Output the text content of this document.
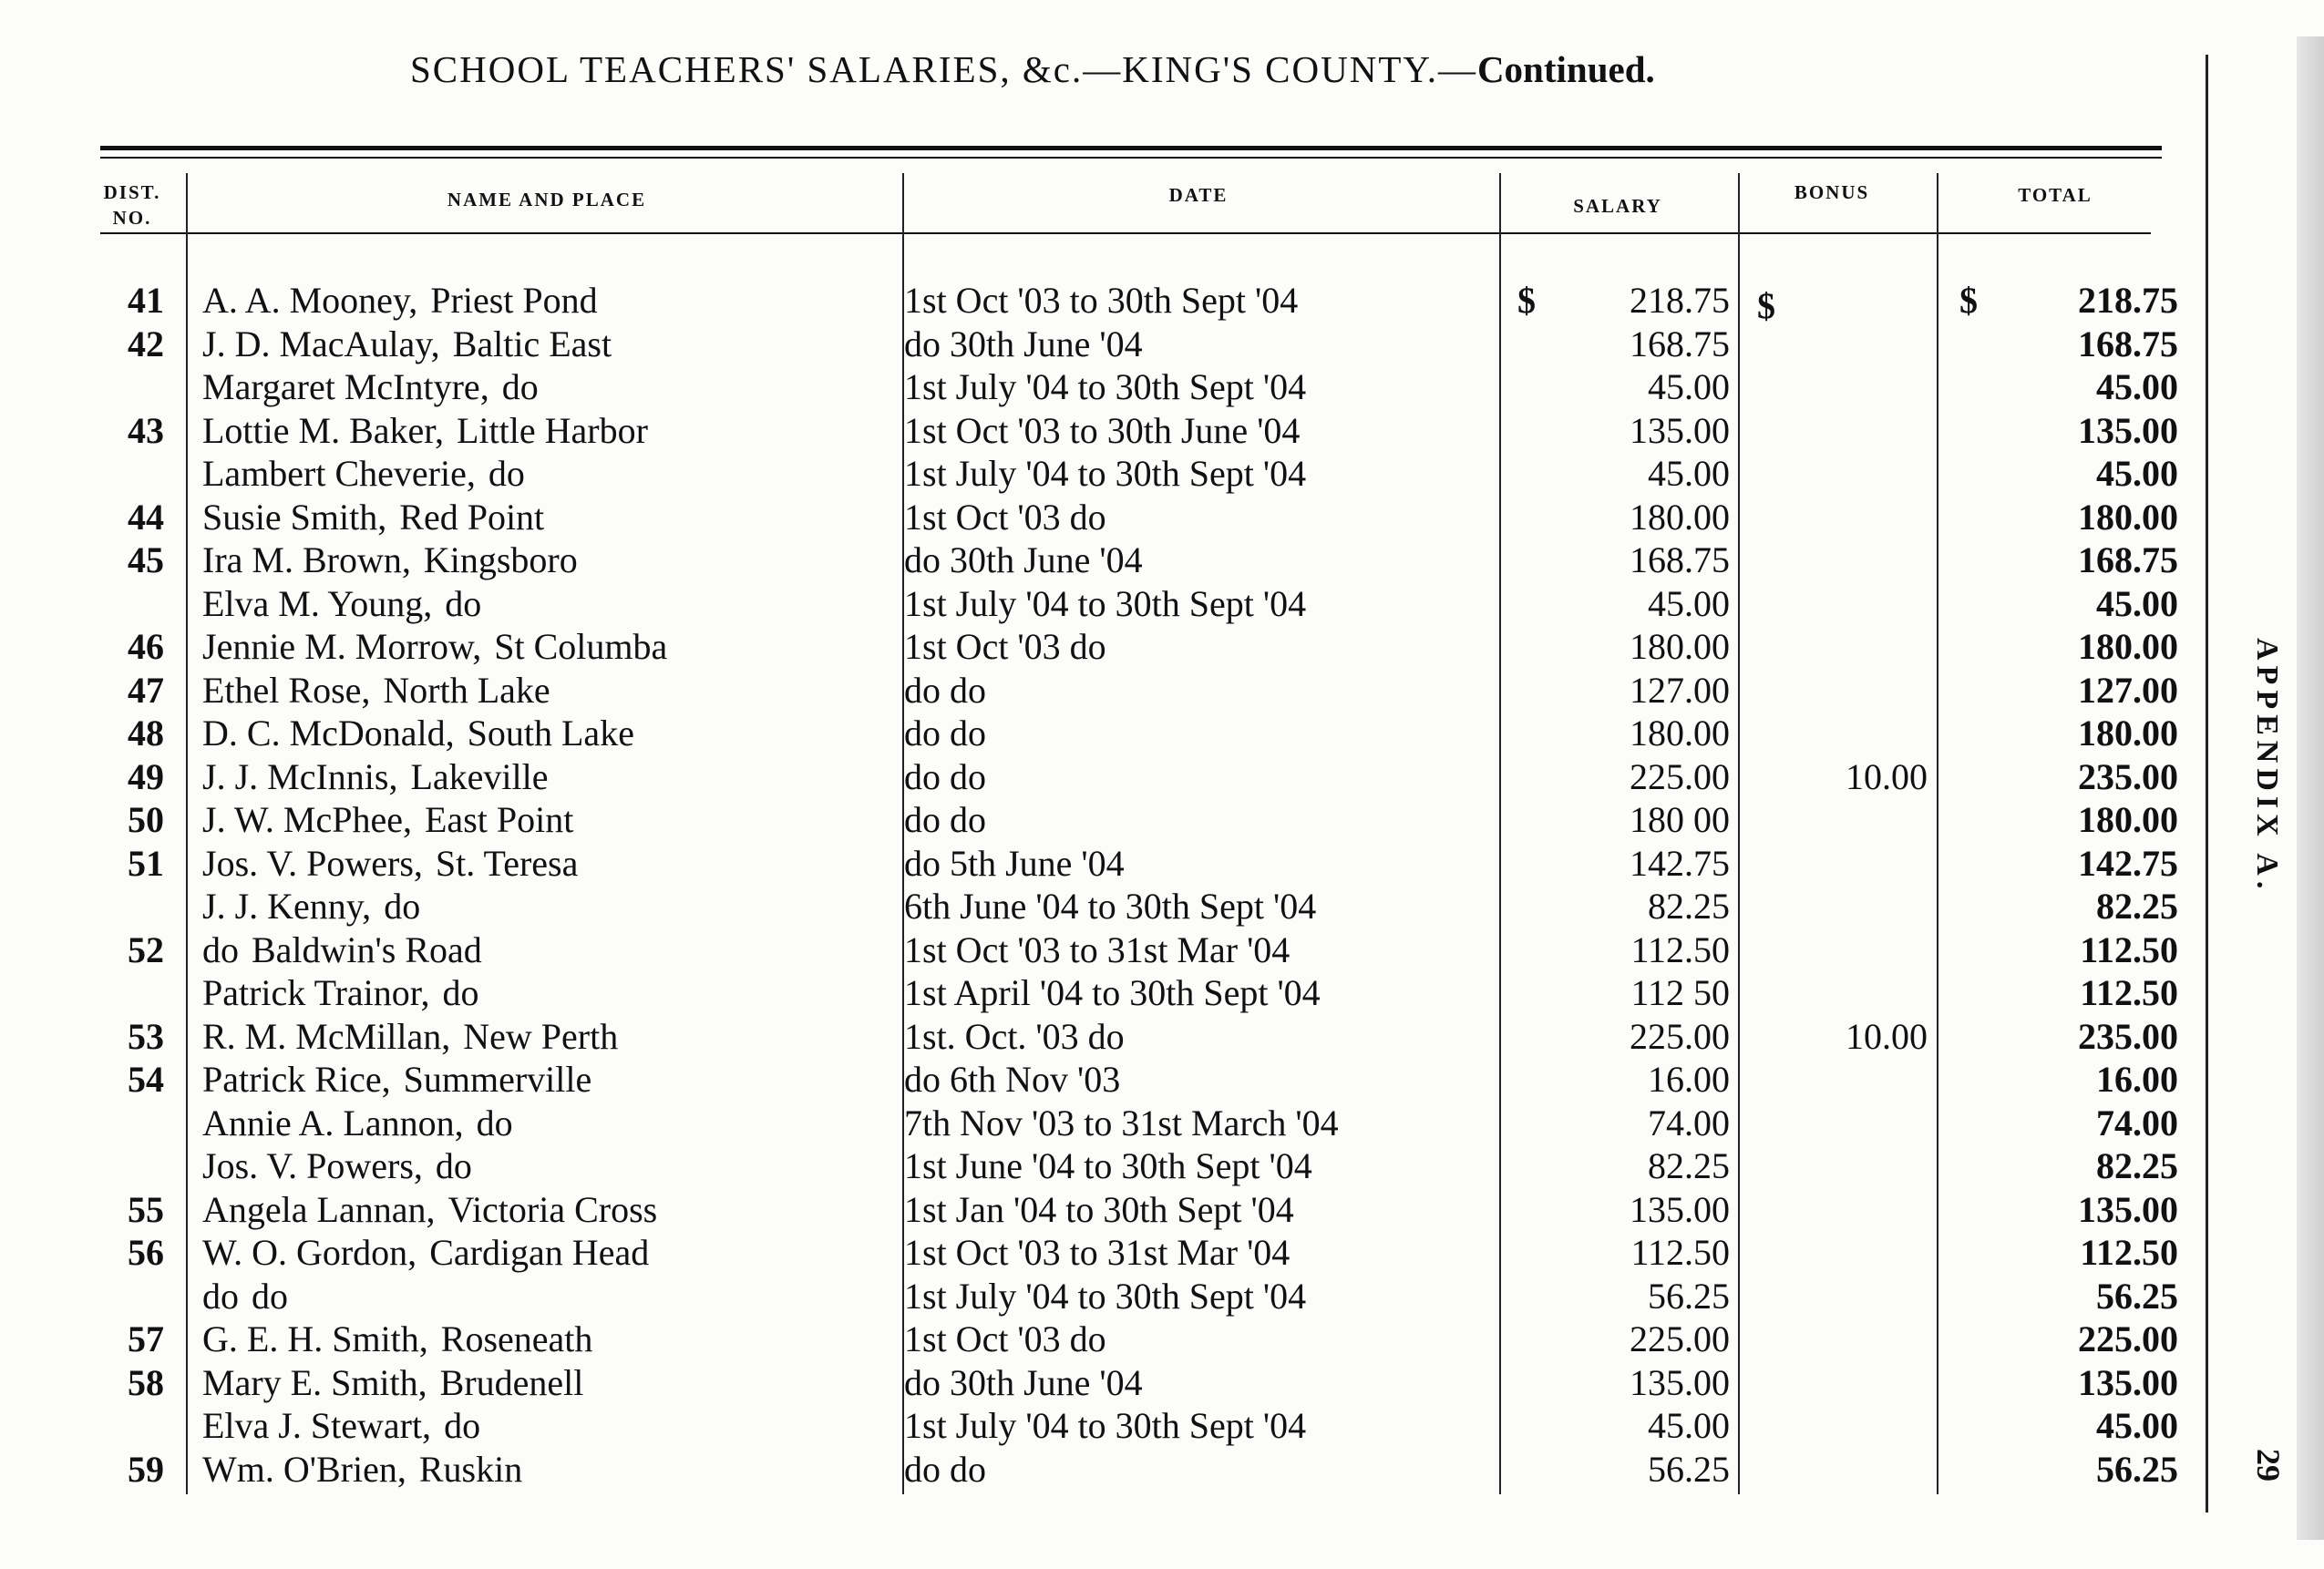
SCHOOL TEACHERS' SALARIES, &c.—KING'S COUNTY.—Continued.
DIST.
NO.
NAME AND PLACE	DATE	SALARY
BONUS	TOTAL
$	$	$
41 A. A. Mooney, Priest Pond	1st Oct '03 to 30th Sept '04	218.75	218.75
42 J. D. MacAulay, Baltic East	do 30th June '04	168.75	168.75
Margaret McIntyre, do	1st July '04 to 30th Sept '04	45.00	45.00
43 Lottie M. Baker, Little Harbor	1st Oct '03 to 30th June '04	135.00	135.00
Lambert Cheverie, do	1st July '04 to 30th Sept '04	45.00	45.00
44 Susie Smith, Red Point	1st Oct '03 do	180.00	180.00
45 Ira M. Brown, Kingsboro	do 30th June '04	168.75	168.75
Elva M. Young, do	1st July '04 to 30th Sept '04	45.00	45.00
46 Jennie M. Morrow, St Columba	1st Oct '03 do	180.00	180.00
47 Ethel Rose, North Lake	do do	127.00	127.00
48 D. C. McDonald, South Lake	do do	180.00	180.00
49 J. J. McInnis, Lakeville	do do	225.00	10.00	235.00
50 J. W. McPhee, East Point	do do	180 00	180.00
51 Jos. V. Powers, St. Teresa	do 5th June '04	142.75	142.75
J. J. Kenny, do	6th June '04 to 30th Sept '04	82.25	82.25
52 do Baldwin's Road	1st Oct '03 to 31st Mar '04	112.50	112.50
Patrick Trainor, do	1st April '04 to 30th Sept '04	112 50	112.50
53 R. M. McMillan, New Perth	1st. Oct. '03 do	225.00	10.00	235.00
54 Patrick Rice, Summerville	do 6th Nov '03	16.00	16.00
Annie A. Lannon, do	7th Nov '03 to 31st March '04	74.00	74.00
Jos. V. Powers, do	1st June '04 to 30th Sept '04	82.25	82.25
55 Angela Lannan, Victoria Cross	1st Jan '04 to 30th Sept '04	135.00	135.00
56 W. O. Gordon, Cardigan Head	1st Oct '03 to 31st Mar '04	112.50	112.50
do do	1st July '04 to 30th Sept '04	56.25	56.25
57 G. E. H. Smith, Roseneath	1st Oct '03 do	225.00	225.00
58 Mary E. Smith, Brudenell	do 30th June '04	135.00	135.00
Elva J. Stewart, do	1st July '04 to 30th Sept '04	45.00	45.00
59 Wm. O'Brien, Ruskin	do do	56.25	56.25
APPENDIX A.
29
